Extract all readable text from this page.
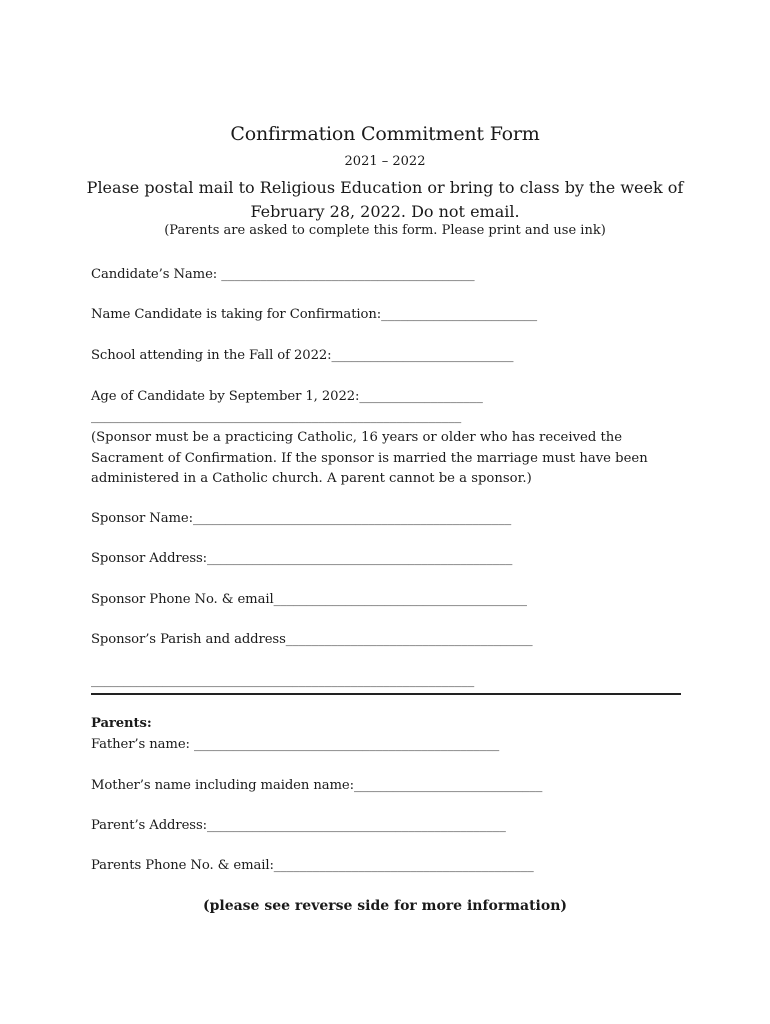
Confirmation Commitment Form
2021 – 2022
Please postal mail to Religious Education or bring to class by the week of
February 28, 2022. Do not email.
(Parents are asked to complete this form. Please print and use ink)
Candidate’s Name: _______________________________________
Name Candidate is taking for Confirmation:________________________
School attending in the Fall of 2022:____________________________
Age of Candidate by September 1, 2022:___________________
_________________________________________________________
(Sponsor must be a practicing Catholic, 16 years or older who has received the
Sacrament of Confirmation. If the sponsor is married the marriage must have been
administered in a Catholic church. A parent cannot be a sponsor.)
Sponsor Name:_________________________________________________
Sponsor Address:_______________________________________________
Sponsor Phone No. & email_______________________________________
Sponsor’s Parish and address______________________________________
___________________________________________________________
Parents:
Father’s name: _______________________________________________
Mother’s name including maiden name:_____________________________
Parent’s Address:______________________________________________
Parents Phone No. & email:________________________________________
(please see reverse side for more information)
